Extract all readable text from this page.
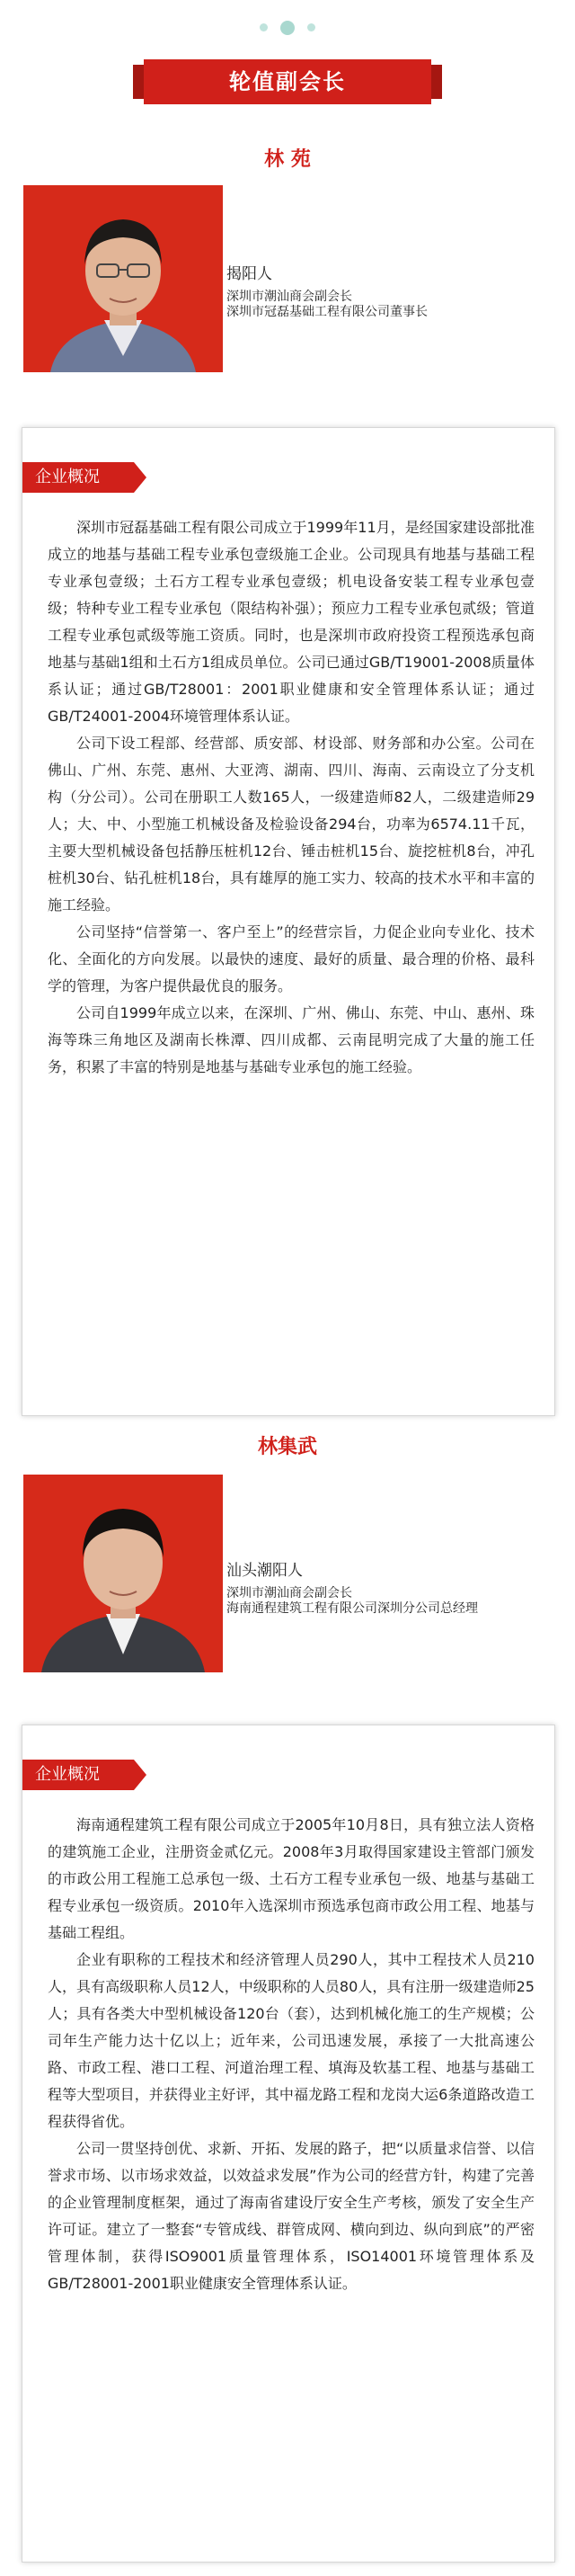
轮值副会长
林 苑
揭阳人
深圳市潮汕商会副会长
深圳市冠磊基础工程有限公司董事长
企业概况

深圳市冠磊基础工程有限公司成立于1999年11月，是经国家建设部批准成立的地基与基础工程专业承包壹级施工企业。公司现具有地基与基础工程专业承包壹级；土石方工程专业承包壹级；机电设备安装工程专业承包壹级；特种专业工程专业承包（限结构补强）；预应力工程专业承包贰级；管道工程专业承包贰级等施工资质。同时，也是深圳市政府投资工程预选承包商地基与基础1组和土石方1组成员单位。公司已通过GB/T19001-2008质量体系认证；通过GB/T28001：2001职业健康和安全管理体系认证；通过GB/T24001-2004环境管理体系认证。

公司下设工程部、经营部、质安部、材设部、财务部和办公室。公司在佛山、广州、东莞、惠州、大亚湾、湖南、四川、海南、云南设立了分支机构（分公司）。公司在册职工人数165人，一级建造师82人，二级建造师29人；大、中、小型施工机械设备及检验设备294台，功率为6574.11千瓦，主要大型机械设备包括静压桩机12台、锤击桩机15台、旋挖桩机8台，冲孔桩机30台、钻孔桩机18台，具有雄厚的施工实力、较高的技术水平和丰富的施工经验。

公司坚持“信誉第一、客户至上”的经营宗旨，力促企业向专业化、技术化、全面化的方向发展。以最快的速度、最好的质量、最合理的价格、最科学的管理，为客户提供最优良的服务。

公司自1999年成立以来，在深圳、广州、佛山、东莞、中山、惠州、珠海等珠三角地区及湖南长株潭、四川成都、云南昆明完成了大量的施工任务，积累了丰富的特别是地基与基础专业承包的施工经验。

林集武
汕头潮阳人
深圳市潮汕商会副会长
海南通程建筑工程有限公司深圳分公司总经理
企业概况

海南通程建筑工程有限公司成立于2005年10月8日，具有独立法人资格的建筑施工企业，注册资金贰亿元。2008年3月取得国家建设主管部门颁发的市政公用工程施工总承包一级、土石方工程专业承包一级、地基与基础工程专业承包一级资质。2010年入选深圳市预选承包商市政公用工程、地基与基础工程组。

企业有职称的工程技术和经济管理人员290人，其中工程技术人员210人，具有高级职称人员12人，中级职称的人员80人，具有注册一级建造师25人；具有各类大中型机械设备120台（套），达到机械化施工的生产规模；公司年生产能力达十亿以上；近年来，公司迅速发展，承接了一大批高速公路、市政工程、港口工程、河道治理工程、填海及软基工程、地基与基础工程等大型项目，并获得业主好评，其中福龙路工程和龙岗大运6条道路改造工程获得省优。

公司一贯坚持创优、求新、开拓、发展的路子，把“以质量求信誉、以信誉求市场、以市场求效益，以效益求发展”作为公司的经营方针，构建了完善的企业管理制度框架，通过了海南省建设厅安全生产考核，颁发了安全生产许可证。建立了一整套“专管成线、群管成网、横向到边、纵向到底”的严密管理体制，获得ISO9001质量管理体系，ISO14001环境管理体系及GB/T28001-2001职业健康安全管理体系认证。
